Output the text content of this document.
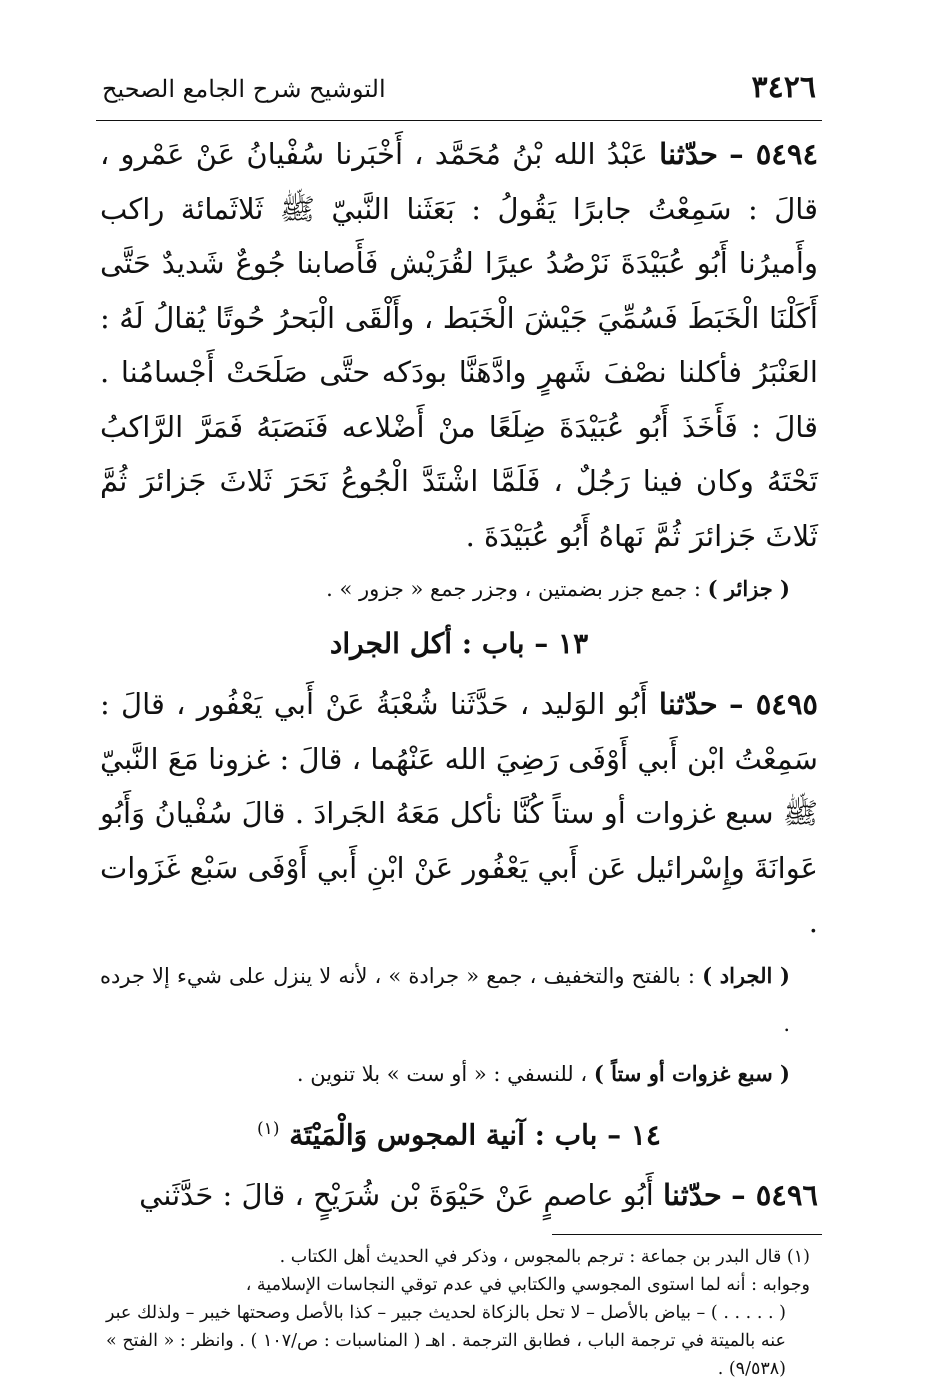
٣٤٢٦
التوشيح شرح الجامع الصحيح

٥٤٩٤ – حدّثنا عَبْدُ الله بْنُ مُحَمَّد ، أَخْبَرنا سُفْيانُ عَنْ عَمْرو ، قالَ : سَمِعْتُ جابرًا يَقُولُ : بَعَثَنا النَّبيّ ﷺ ثَلاثَمائة راكب وأَميرُنا أَبُو عُبَيْدَةَ نَرْصُدُ عيرًا لقُرَيْش فَأَصابنا جُوعٌ شَديدٌ حَتَّى أَكَلْنَا الْخَبَطَ فَسُمِّيَ جَيْشَ الْخَبَط ، وأَلْقَى الْبَحرُ حُوتًا يُقالُ لَهُ : العَنْبَرُ فأكلنا نصْفَ شَهرٍ وادَّهَنَّا بودَكه حتَّى صَلَحَتْ أَجْسامُنا . قالَ : فَأَخَذَ أَبُو عُبَيْدَةَ ضِلَعًا منْ أَضْلاعه فَنَصَبَهُ فَمَرَّ الرَّاكبُ تَحْتَهُ وكان فينا رَجُلٌ ، فَلَمَّا اشْتَدَّ الْجُوعُ نَحَرَ ثَلاثَ جَزائرَ ثُمَّ ثَلاثَ جَزائرَ ثُمَّ نَهاهُ أَبُو عُبَيْدَةَ .

( جزائر ) : جمع جزر بضمتين ، وجزر جمع « جزور » .

١٣ – باب : أكل الجراد

٥٤٩٥ – حدّثنا أَبُو الوَليد ، حَدَّثَنا شُعْبَةُ عَنْ أَبي يَعْفُور ، قالَ : سَمِعْتُ ابْن أَبي أَوْفَى رَضِيَ الله عَنْهُما ، قالَ : غزونا مَعَ النَّبيّ ﷺ سبع غزوات أو ستاً كُنَّا نأكل مَعَهُ الجَرادَ . قالَ سُفْيانُ وَأَبُو عَوانَةَ وإِسْرائيل عَن أَبي يَعْفُور عَنْ ابْنِ أَبي أَوْفَى سَبْع غَزَوات .

( الجراد ) : بالفتح والتخفيف ، جمع « جرادة » ، لأنه لا ينزل على شيء إلا جرده .

( سبع غزوات أو ستاً ) ، للنسفي : « أو ست » بلا تنوين .

١٤ – باب : آنية المجوس وَالْمَيْتَة $^{(١)}$

٥٤٩٦ – حدّثنا أَبُو عاصمٍ عَنْ حَيْوَةَ بْن شُرَيْحٍ ، قالَ : حَدَّثَني

(١) قال البدر بن جماعة : ترجم بالمجوس ، وذكر في الحديث أهل الكتاب .

وجوابه : أنه لما استوى المجوسي والكتابي في عدم توقي النجاسات الإسلامية ،

( . . . . . ) – بياض بالأصل – لا تحل بالزكاة لحديث جبير – كذا بالأصل وصحتها خيبر – ولذلك عبر عنه بالميتة في ترجمة الباب ، فطابق الترجمة . اهـ ( المناسبات : ص/١٠٧ ) . وانظر : « الفتح » (٩/٥٣٨) .
